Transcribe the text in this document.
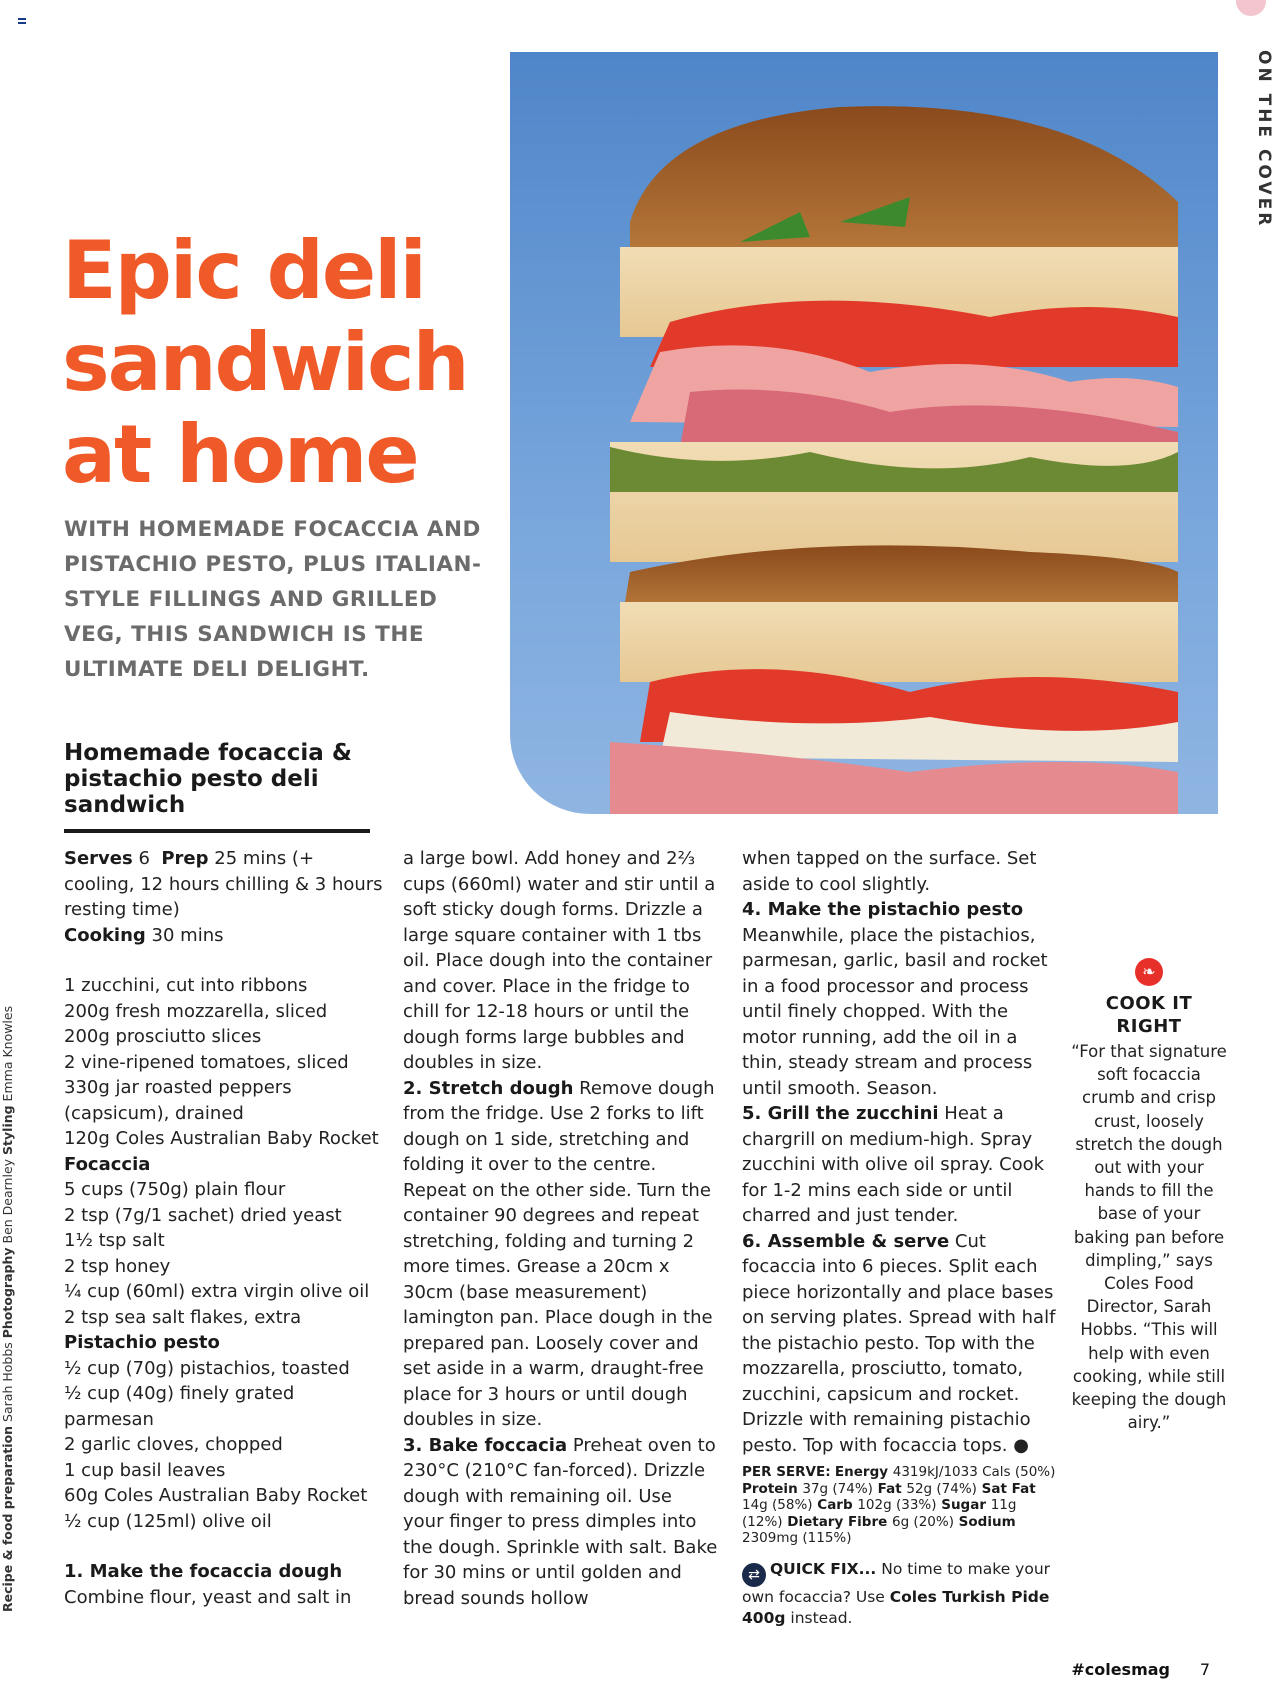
ON THE COVER
Recipe & food preparation Sarah Hobbs Photography Ben Dearnley Styling Emma Knowles
Epic deli sandwich at home
WITH HOMEMADE FOCACCIA AND PISTACHIO PESTO, PLUS ITALIAN-STYLE FILLINGS AND GRILLED VEG, THIS SANDWICH IS THE ULTIMATE DELI DELIGHT.
Homemade focaccia & pistachio pesto deli sandwich

Serves 6 Prep 25 mins (+ cooling, 12 hours chilling & 3 hours resting time)

Cooking 30 mins

1 zucchini, cut into ribbons

200g fresh mozzarella, sliced

200g prosciutto slices

2 vine-ripened tomatoes, sliced

330g jar roasted peppers (capsicum), drained

120g Coles Australian Baby Rocket

Focaccia

5 cups (750g) plain flour

2 tsp (7g/1 sachet) dried yeast

1½ tsp salt

2 tsp honey

¼ cup (60ml) extra virgin olive oil

2 tsp sea salt flakes, extra

Pistachio pesto

½ cup (70g) pistachios, toasted

½ cup (40g) finely grated parmesan

2 garlic cloves, chopped

1 cup basil leaves

60g Coles Australian Baby Rocket

½ cup (125ml) olive oil

1. Make the focaccia dough

Combine flour, yeast and salt in

a large bowl. Add honey and 2⅔ cups (660ml) water and stir until a soft sticky dough forms. Drizzle a large square container with 1 tbs oil. Place dough into the container and cover. Place in the fridge to chill for 12-18 hours or until the dough forms large bubbles and doubles in size.

2. Stretch dough Remove dough from the fridge. Use 2 forks to lift dough on 1 side, stretching and folding it over to the centre. Repeat on the other side. Turn the container 90 degrees and repeat stretching, folding and turning 2 more times. Grease a 20cm x 30cm (base measurement) lamington pan. Place dough in the prepared pan. Loosely cover and set aside in a warm, draught-free place for 3 hours or until dough doubles in size.

3. Bake foccacia Preheat oven to 230°C (210°C fan-forced). Drizzle dough with remaining oil. Use your finger to press dimples into the dough. Sprinkle with salt. Bake for 30 mins or until golden and bread sounds hollow

when tapped on the surface. Set aside to cool slightly.

4. Make the pistachio pesto

Meanwhile, place the pistachios, parmesan, garlic, basil and rocket in a food processor and process until finely chopped. With the motor running, add the oil in a thin, steady stream and process until smooth. Season.

5. Grill the zucchini Heat a chargrill on medium-high. Spray zucchini with olive oil spray. Cook for 1-2 mins each side or until charred and just tender.

6. Assemble & serve Cut focaccia into 6 pieces. Split each piece horizontally and place bases on serving plates. Spread with half the pistachio pesto. Top with the mozzarella, prosciutto, tomato, zucchini, capsicum and rocket. Drizzle with remaining pistachio pesto. Top with focaccia tops. ●

PER SERVE: Energy 4319kJ/1033 Cals (50%) Protein 37g (74%) Fat 52g (74%) Sat Fat 14g (58%) Carb 102g (33%) Sugar 11g (12%) Dietary Fibre 6g (20%) Sodium 2309mg (115%)
⇄ QUICK FIX... No time to make your own focaccia? Use Coles Turkish Pide 400g instead.
❧
COOK IT RIGHT
“For that signature soft focaccia crumb and crisp crust, loosely stretch the dough out with your hands to fill the base of your baking pan before dimpling,” says Coles Food Director, Sarah Hobbs. “This will help with even cooking, while still keeping the dough airy.”
#colesmag 7
